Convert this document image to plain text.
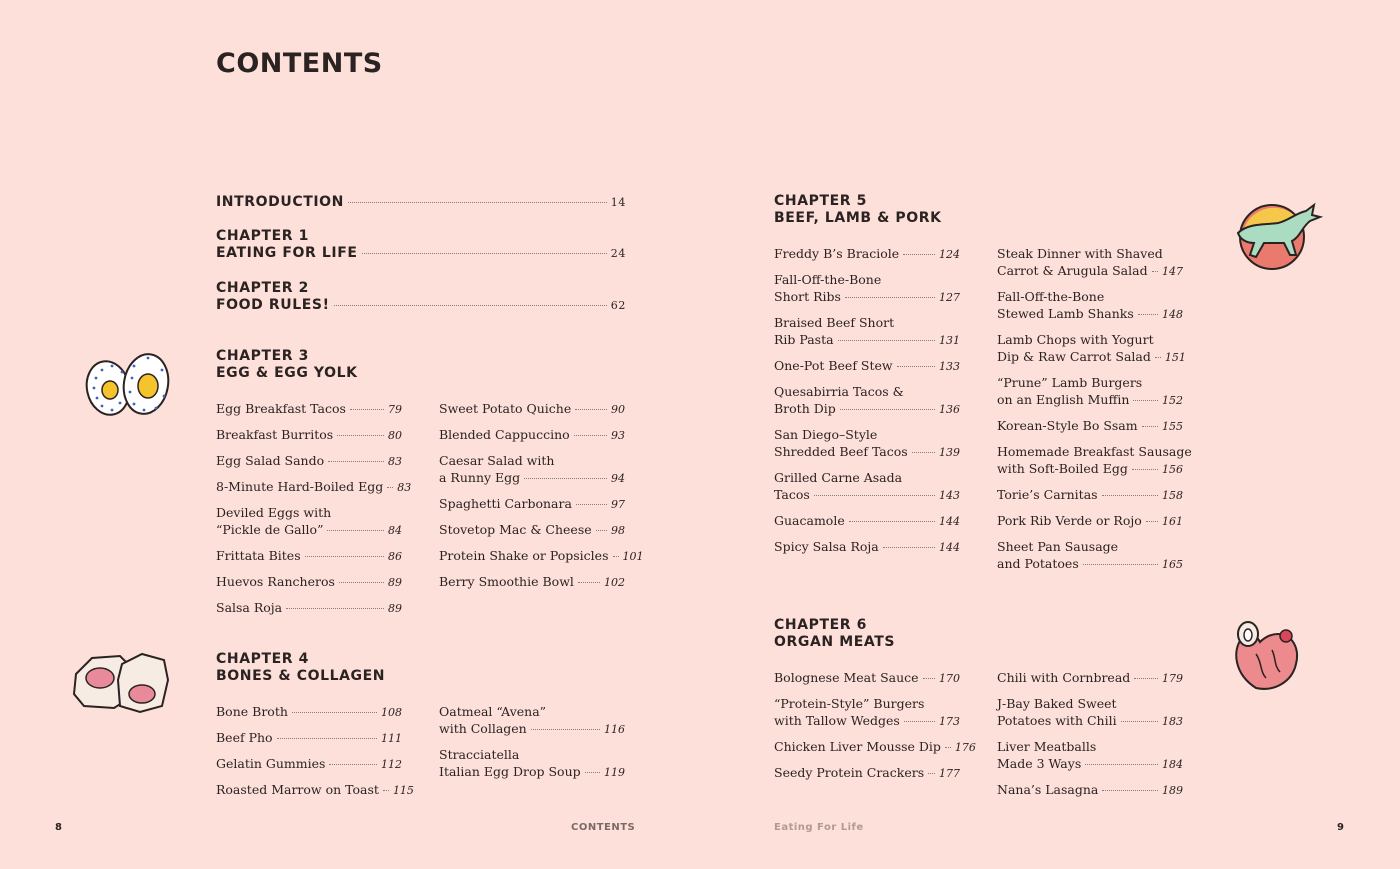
CONTENTS
INTRODUCTION	14
CHAPTER 1
EATING FOR LIFE	24
CHAPTER 2
FOOD RULES!	62
CHAPTER 3
EGG & EGG YOLK
Egg Breakfast Tacos	79
Breakfast Burritos	80
Egg Salad Sando	83
8-Minute Hard-Boiled Egg 83
Deviled Eggs with
“Pickle de Gallo”	84
Frittata Bites	86
Huevos Rancheros	89
Salsa Roja	89
Sweet Potato Quiche	90
Blended Cappuccino	93
Caesar Salad with
a Runny Egg	94
Spaghetti Carbonara	97
Stovetop Mac & Cheese 98
Protein Shake or Popsicles 101
Berry Smoothie Bowl	102
CHAPTER 4
BONES & COLLAGEN
Bone Broth	108
Beef Pho	111
Gelatin Gummies	112
Roasted Marrow on Toast 115
Oatmeal “Avena”
with Collagen	116
Stracciatella
Italian Egg Drop Soup 119
CHAPTER 5
BEEF, LAMB & PORK
Freddy B’s Braciole	124
Fall-Off-the-Bone
Short Ribs	127
Braised Beef Short
Rib Pasta	131
One-Pot Beef Stew	133
Quesabirria Tacos &
Broth Dip	136
San Diego–Style
Shredded Beef Tacos	139
Grilled Carne Asada
Tacos	143
Guacamole	144
Spicy Salsa Roja	144
Steak Dinner with Shaved
Carrot & Arugula Salad 147
Fall-Off-the-Bone
Stewed Lamb Shanks	148
Lamb Chops with Yogurt
Dip & Raw Carrot Salad 151
“Prune” Lamb Burgers
on an English Muffin	152
Korean-Style Bo Ssam 155
Homemade Breakfast Sausage
with Soft-Boiled Egg	156
Torie’s Carnitas	158
Pork Rib Verde or Rojo 161
Sheet Pan Sausage
and Potatoes	165
CHAPTER 6
ORGAN MEATS
Bolognese Meat Sauce 170
“Protein-Style” Burgers
with Tallow Wedges	173
Chicken Liver Mousse Dip 176
Seedy Protein Crackers 177
Chili with Cornbread	179
J-Bay Baked Sweet
Potatoes with Chili	183
Liver Meatballs
Made 3 Ways	184
Nana’s Lasagna	189
8	CONTENTS	Eating For Life	9
